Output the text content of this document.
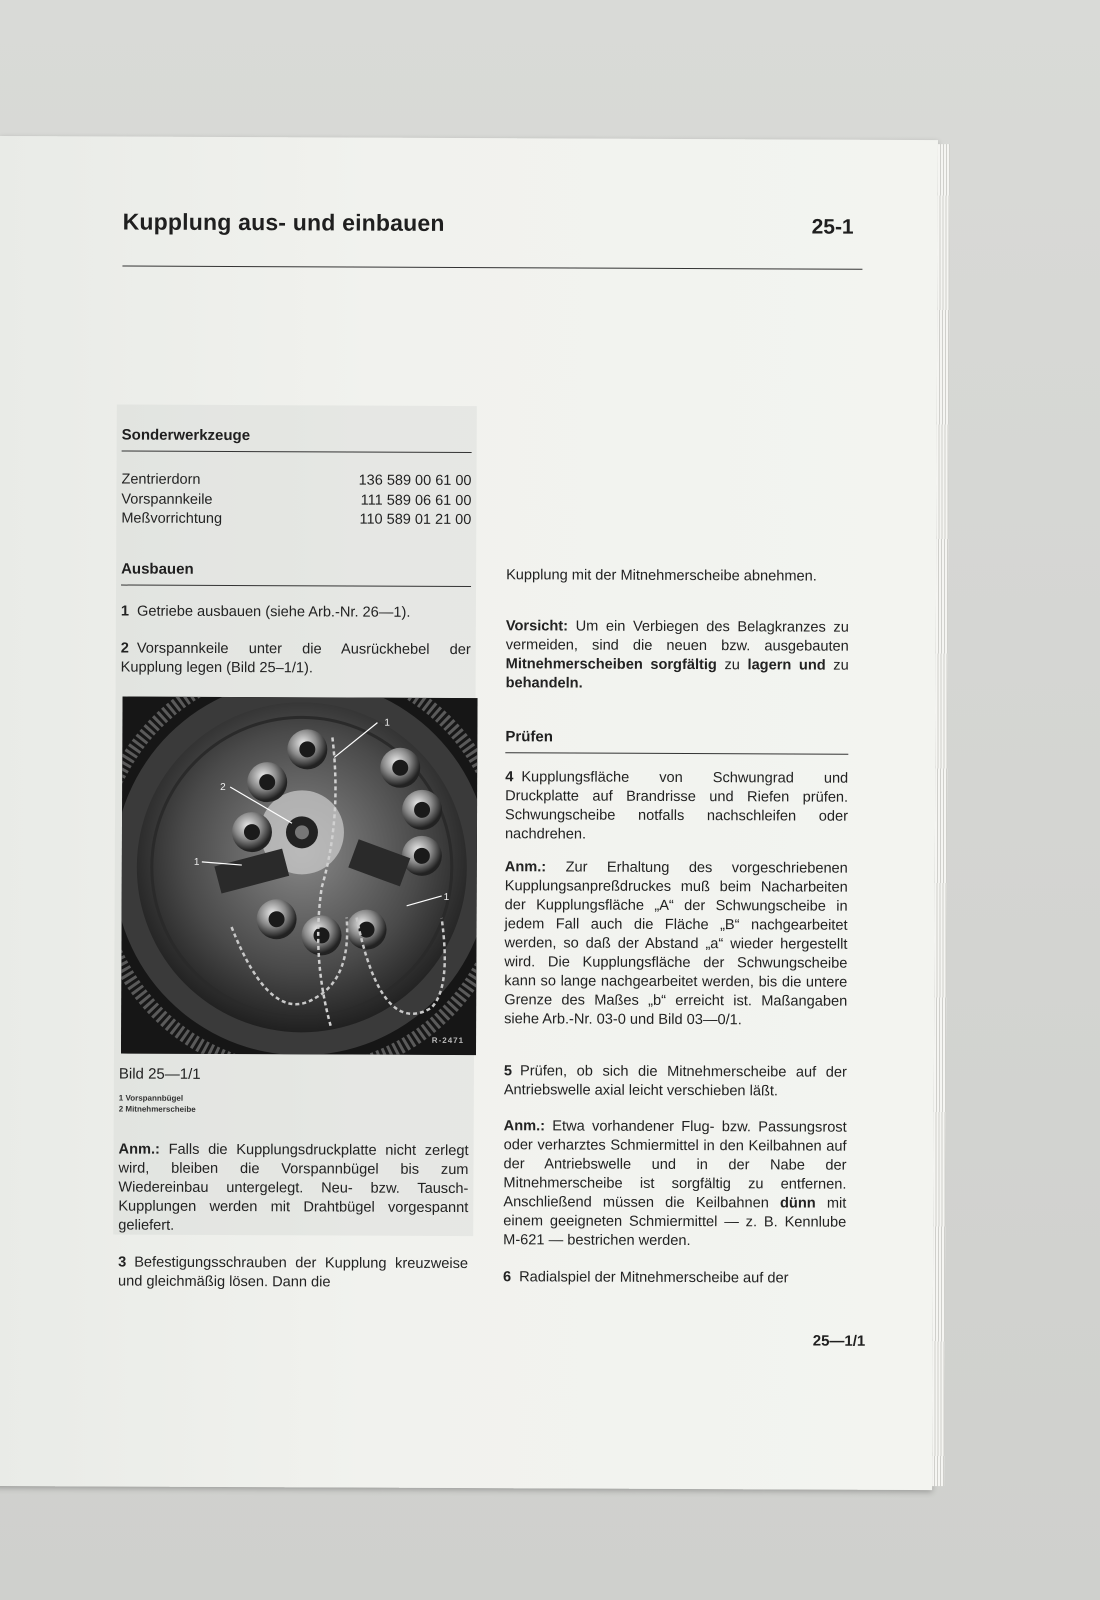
Kupplung aus- und einbauen	25-1
Sonderwerkzeuge
Zentrierdorn	136 589 00 61 00
Vorspannkeile	111 589 06 61 00
Meßvorrichtung	110 589 01 21 00
Ausbauen
1 Getriebe ausbauen (siehe Arb.-Nr. 26—1).
2 Vorspannkeile unter die Ausrückhebel der Kupplung legen (Bild 25–1/1).
1
2
1
1
R-2471
Bild 25—1/1
1 Vorspannbügel
2 Mitnehmerscheibe
Anm.: Falls die Kupplungsdruckplatte nicht zerlegt wird, bleiben die Vorspannbügel bis zum Wiedereinbau untergelegt. Neu- bzw. Tausch-Kupplungen werden mit Drahtbügel vorgespannt geliefert.
3 Befestigungsschrauben der Kupplung kreuzweise und gleichmäßig lösen. Dann die
Kupplung mit der Mitnehmerscheibe abnehmen.
Vorsicht: Um ein Verbiegen des Belagkranzes zu vermeiden, sind die neuen bzw. ausgebauten Mitnehmerscheiben sorgfältig zu lagern und zu behandeln.
Prüfen
4 Kupplungsfläche von Schwungrad und Druckplatte auf Brandrisse und Riefen prüfen. Schwungscheibe notfalls nachschleifen oder nachdrehen.
Anm.: Zur Erhaltung des vorgeschriebenen Kupplungsanpreßdruckes muß beim Nacharbeiten der Kupplungsfläche „A“ der Schwungscheibe in jedem Fall auch die Fläche „B“ nachgearbeitet werden, so daß der Abstand „a“ wieder hergestellt wird. Die Kupplungsfläche der Schwungscheibe kann so lange nachgearbeitet werden, bis die untere Grenze des Maßes „b“ erreicht ist. Maßangaben siehe Arb.-Nr. 03-0 und Bild 03—0/1.
5 Prüfen, ob sich die Mitnehmerscheibe auf der Antriebswelle axial leicht verschieben läßt.
Anm.: Etwa vorhandener Flug- bzw. Passungsrost oder verharztes Schmiermittel in den Keilbahnen auf der Antriebswelle und in der Nabe der Mitnehmerscheibe ist sorgfältig zu entfernen. Anschließend müssen die Keilbahnen dünn mit einem geeigneten Schmiermittel — z. B. Kennlube M-621 — bestrichen werden.
6 Radialspiel der Mitnehmerscheibe auf der
25—1/1
